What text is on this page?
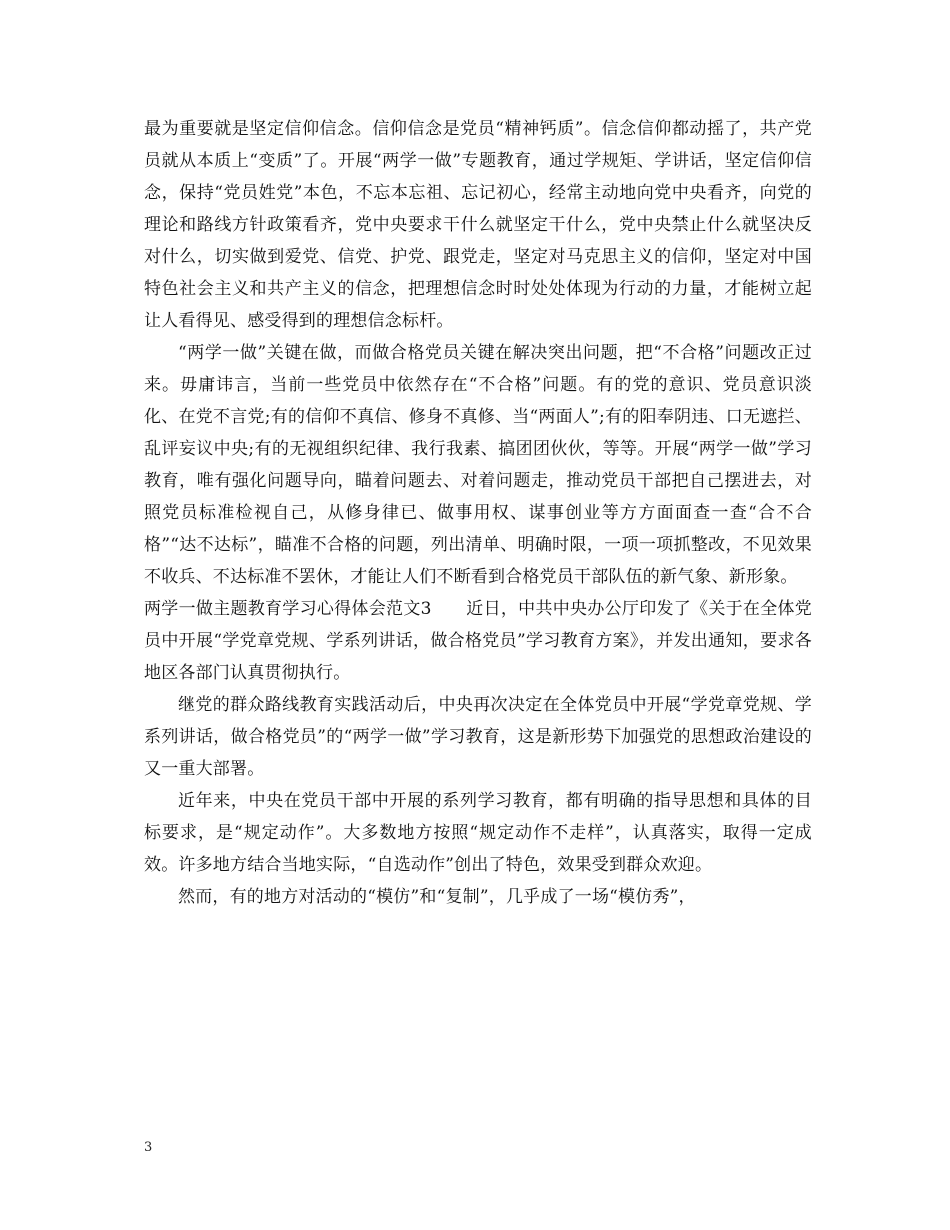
最为重要就是坚定信仰信念。信仰信念是党员“精神钙质”。信念信仰都动摇了，共产党员就从本质上“变质”了。开展“两学一做”专题教育，通过学规矩、学讲话，坚定信仰信念，保持“党员姓党”本色，不忘本忘祖、忘记初心，经常主动地向党中央看齐，向党的理论和路线方针政策看齐，党中央要求干什么就坚定干什么，党中央禁止什么就坚决反对什么，切实做到爱党、信党、护党、跟党走，坚定对马克思主义的信仰，坚定对中国特色社会主义和共产主义的信念，把理想信念时时处处体现为行动的力量，才能树立起让人看得见、感受得到的理想信念标杆。

“两学一做”关键在做，而做合格党员关键在解决突出问题，把“不合格”问题改正过来。毋庸讳言，当前一些党员中依然存在“不合格”问题。有的党的意识、党员意识淡化、在党不言党;有的信仰不真信、修身不真修、当“两面人”;有的阳奉阴违、口无遮拦、乱评妄议中央;有的无视组织纪律、我行我素、搞团团伙伙，等等。开展“两学一做”学习教育，唯有强化问题导向，瞄着问题去、对着问题走，推动党员干部把自己摆进去，对照党员标准检视自己，从修身律已、做事用权、谋事创业等方方面面查一查“合不合格”“达不达标”，瞄准不合格的问题，列出清单、明确时限，一项一项抓整改，不见效果不收兵、不达标准不罢休，才能让人们不断看到合格党员干部队伍的新气象、新形象。

两学一做主题教育学习心得体会范文3　　近日，中共中央办公厅印发了《关于在全体党员中开展“学党章党规、学系列讲话，做合格党员”学习教育方案》，并发出通知，要求各地区各部门认真贯彻执行。

继党的群众路线教育实践活动后，中央再次决定在全体党员中开展“学党章党规、学系列讲话，做合格党员”的“两学一做”学习教育，这是新形势下加强党的思想政治建设的又一重大部署。

近年来，中央在党员干部中开展的系列学习教育，都有明确的指导思想和具体的目标要求，是“规定动作”。大多数地方按照“规定动作不走样”，认真落实，取得一定成效。许多地方结合当地实际，“自选动作”创出了特色，效果受到群众欢迎。

然而，有的地方对活动的“模仿”和“复制”，几乎成了一场“模仿秀”，

3
